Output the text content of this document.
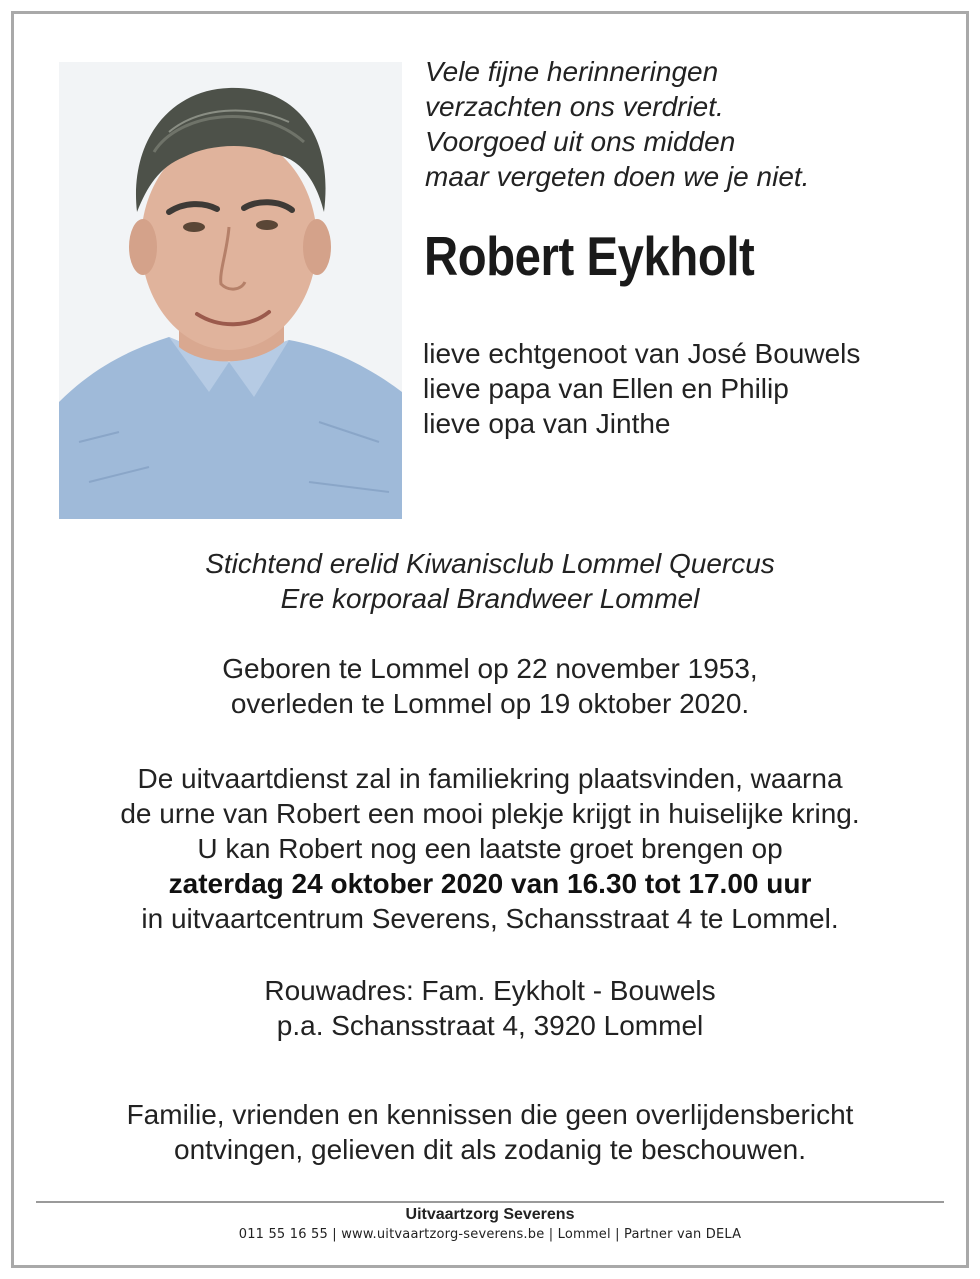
Vele fijne herinneringen
verzachten ons verdriet.
Voorgoed uit ons midden
maar vergeten doen we je niet.
Robert Eykholt
lieve echtgenoot van José Bouwels
lieve papa van Ellen en Philip
lieve opa van Jinthe
Stichtend erelid Kiwanisclub Lommel Quercus
Ere korporaal Brandweer Lommel
Geboren te Lommel op 22 november 1953,
overleden te Lommel op 19 oktober 2020.
De uitvaartdienst zal in familiekring plaatsvinden, waarna
de urne van Robert een mooi plekje krijgt in huiselijke kring.
U kan Robert nog een laatste groet brengen op
zaterdag 24 oktober 2020 van 16.30 tot 17.00 uur
in uitvaartcentrum Severens, Schansstraat 4 te Lommel.
Rouwadres: Fam. Eykholt - Bouwels
p.a. Schansstraat 4, 3920 Lommel
Familie, vrienden en kennissen die geen overlijdensbericht
ontvingen, gelieven dit als zodanig te beschouwen.
Uitvaartzorg Severens
011 55 16 55 | www.uitvaartzorg-severens.be | Lommel | Partner van DELA
